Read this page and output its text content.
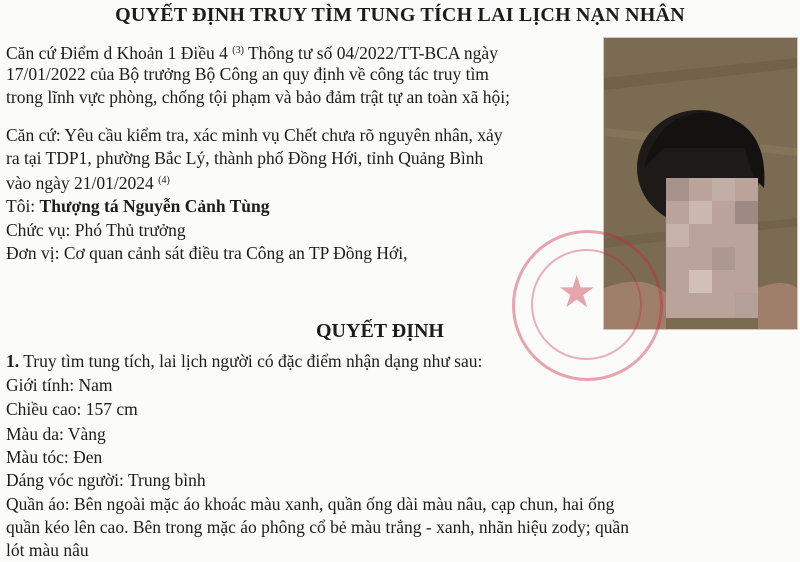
QUYẾT ĐỊNH TRUY TÌM TUNG TÍCH LAI LỊCH NẠN NHÂN
Căn cứ Điểm d Khoản 1 Điều 4 $^{(3)}$ Thông tư số 04/2022/TT-BCA ngày
17/01/2022 của Bộ trưởng Bộ Công an quy định về công tác truy tìm
trong lĩnh vực phòng, chống tội phạm và bảo đảm trật tự an toàn xã hội;
Căn cứ: Yêu cầu kiểm tra, xác minh vụ Chết chưa rõ nguyên nhân, xảy
ra tại TDP1, phường Bắc Lý, thành phố Đồng Hới, tỉnh Quảng Bình
vào ngày 21/01/2024 $^{(4)}$
Tôi: Thượng tá Nguyễn Cảnh Tùng
Chức vụ: Phó Thủ trưởng
Đơn vị: Cơ quan cảnh sát điều tra Công an TP Đồng Hới,
★
QUYẾT ĐỊNH
1. Truy tìm tung tích, lai lịch người có đặc điểm nhận dạng như sau:
Giới tính: Nam
Chiều cao: 157 cm
Màu da: Vàng
Màu tóc: Đen
Dáng vóc người: Trung bình
Quần áo: Bên ngoài mặc áo khoác màu xanh, quần ống dài màu nâu, cạp chun, hai ống
quần kéo lên cao. Bên trong mặc áo phông cổ bẻ màu trắng - xanh, nhãn hiệu zody; quần
lót màu nâu
